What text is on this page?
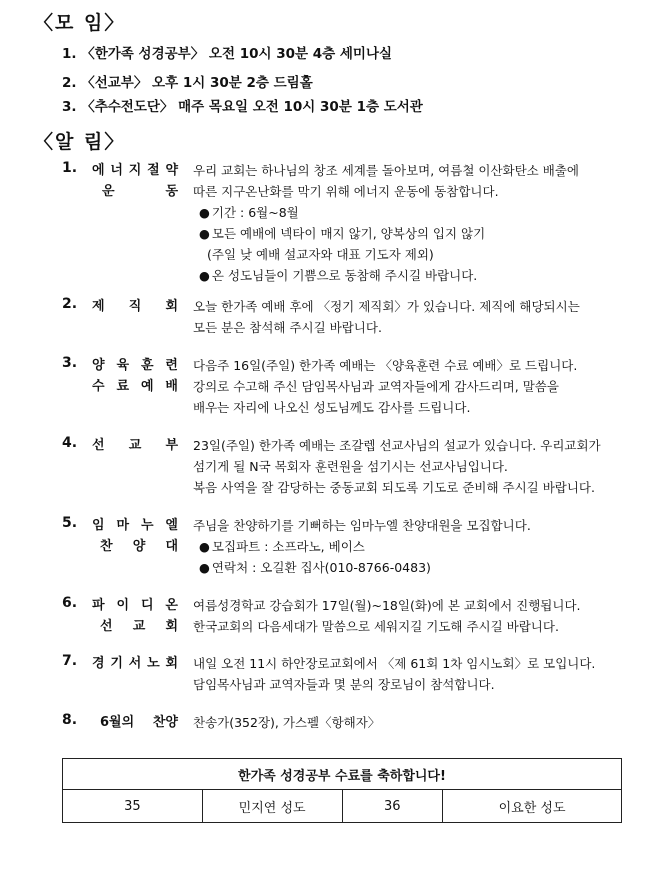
〈모 임〉

1. 〈한가족 성경공부〉 오전 10시 30분 4층 세미나실

2. 〈선교부〉 오후 1시 30분 2층 드림홀

3. 〈추수전도단〉 매주 목요일 오전 10시 30분 1층 도서관

〈알 림〉
1. 에 너 지 절 약
운	동
우리 교회는 하나님의 창조 세계를 돌아보며, 여름철 이산화탄소 배출에
따른 지구온난화를 막기 위해 에너지 운동에 동참합니다.
● 기간 : 6월~8월
● 모든 예배에 넥타이 매지 않기, 양복상의 입지 않기
(주일 낮 예배 설교자와 대표 기도자 제외)
● 온 성도님들이 기쁨으로 동참해 주시길 바랍니다.
2. 제 직 회 오늘 한가족 예배 후에 〈정기 제직회〉가 있습니다. 제직에 해당되시는
모든 분은 참석해 주시길 바랍니다.
3. 양 육 훈 련
수 료 예 배
다음주 16일(주일) 한가족 예배는 〈양육훈련 수료 예배〉로 드립니다.
강의로 수고해 주신 담임목사님과 교역자들에게 감사드리며, 말씀을
배우는 자리에 나오신 성도님께도 감사를 드립니다.
4. 선 교 부 23일(주일) 한가족 예배는 조갈렙 선교사님의 설교가 있습니다. 우리교회가
섬기게 될 N국 목회자 훈련원을 섬기시는 선교사님입니다.
복음 사역을 잘 감당하는 중동교회 되도록 기도로 준비해 주시길 바랍니다.
5. 임 마 누 엘
찬 양 대
주님을 찬양하기를 기뻐하는 임마누엘 찬양대원을 모집합니다.
● 모집파트 : 소프라노, 베이스
● 연락처 : 오길환 집사(010-8766-0483)
6. 파 이 디 온
선 교 회
여름성경학교 강습회가 17일(월)~18일(화)에 본 교회에서 진행됩니다.
한국교회의 다음세대가 말씀으로 세워지길 기도해 주시길 바랍니다.
7. 경 기 서 노 회 내일 오전 11시 하안장로교회에서 〈제 61회 1차 임시노회〉로 모입니다.
담임목사님과 교역자들과 몇 분의 장로님이 참석합니다.
8. 6월의 찬양 찬송가(352장), 가스펠〈항해자〉
한가족 성경공부 수료를 축하합니다!
35	민지연 성도	36	이요한 성도
